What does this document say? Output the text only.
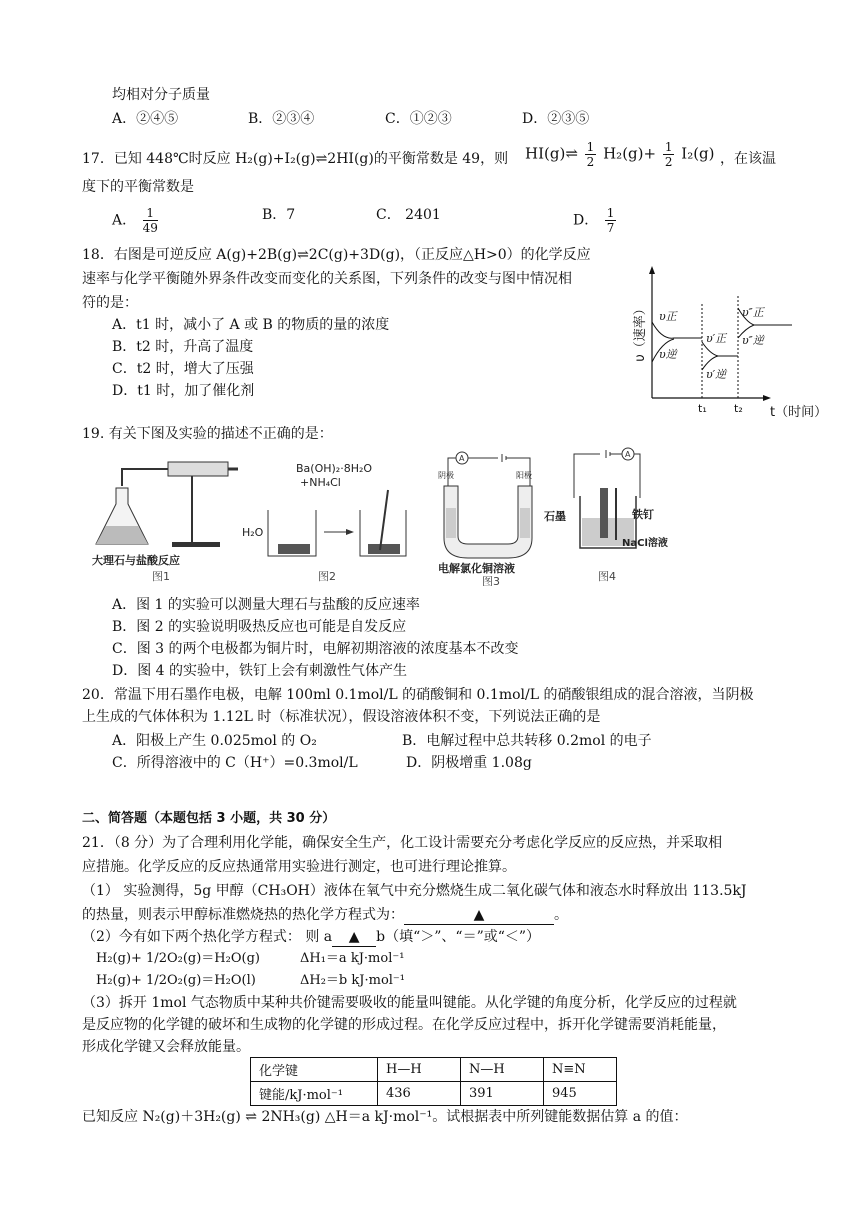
均相对分子质量
A．②④⑤	B．②③④	C．①②③	D．②③⑤
17．已知 448℃时反应 H₂(g)+I₂(g)⇌2HI(g)的平衡常数是 49，则 HI(g)⇌ $\frac{1}{2} H_2(g)+ \frac{1}{2} I_2(g)$ ，在该温
度下的平衡常数是
A． $\frac{1}{49}$	B．7	C． 2401	D． $\frac{1}{7}$
18．右图是可逆反应 A(g)+2B(g)⇌2C(g)+3D(g)，（正反应△H>0）的化学反应
速率与化学平衡随外界条件改变而变化的关系图，下列条件的改变与图中情况相
符的是：
A．t1 时，减小了 A 或 B 的物质的量的浓度
B．t2 时，升高了温度
C．t2 时，增大了压强
D．t1 时，加了催化剂
υ（速率） υ正
υ逆
υ′正
υ′逆
υ″正
υ″逆
t₁ t₂ t（时间）
19. 有关下图及实验的描述不正确的是：
大理石与盐酸反应
图1
Ba(OH)₂·8H₂O
+NH₄Cl
H₂O
图2
A
阴极	阳极
电解氯化铜溶液
图3
A
石墨	铁钉
NaCl溶液
图4
A．图 1 的实验可以测量大理石与盐酸的反应速率
B．图 2 的实验说明吸热反应也可能是自发反应
C．图 3 的两个电极都为铜片时，电解初期溶液的浓度基本不改变
D．图 4 的实验中，铁钉上会有刺激性气体产生
20．常温下用石墨作电极，电解 100ml 0.1mol/L 的硝酸铜和 0.1mol/L 的硝酸银组成的混合溶液，当阴极
上生成的气体体积为 1.12L 时（标准状况），假设溶液体积不变，下列说法正确的是
A．阳极上产生 0.025mol 的 O₂	B．电解过程中总共转移 0.2mol 的电子
C．所得溶液中的 C（H⁺）=0.3mol/L	D．阴极增重 1.08g
二、简答题（本题包括 3 小题，共 30 分）
21．（8 分）为了合理利用化学能，确保安全生产，化工设计需要充分考虑化学反应的反应热，并采取相
应措施。化学反应的反应热通常用实验进行测定，也可进行理论推算。
（1） 实验测得，5g 甲醇（CH₃OH）液体在氧气中充分燃烧生成二氧化碳气体和液态水时释放出 113.5kJ
的热量，则表示甲醇标准燃烧热的热化学方程式为：	▲	。
（2）今有如下两个热化学方程式： 则 a ▲ b（填“＞”、“＝”或“＜”）
H₂(g)+ 1/2O₂(g)＝H₂O(g)	ΔH₁＝a kJ·mol⁻¹
H₂(g)+ 1/2O₂(g)＝H₂O(l)	ΔH₂＝b kJ·mol⁻¹
（3）拆开 1mol 气态物质中某种共价键需要吸收的能量叫键能。从化学键的角度分析，化学反应的过程就
是反应物的化学键的破坏和生成物的化学键的形成过程。在化学反应过程中，拆开化学键需要消耗能量，
形成化学键又会释放能量。
化学键	H—H	N—H	N≡N
键能/kJ·mol⁻¹	436	391	945
已知反应 N₂(g)＋3H₂(g) ⇌ 2NH₃(g) △H＝a kJ·mol⁻¹。试根据表中所列键能数据估算 a 的值：
